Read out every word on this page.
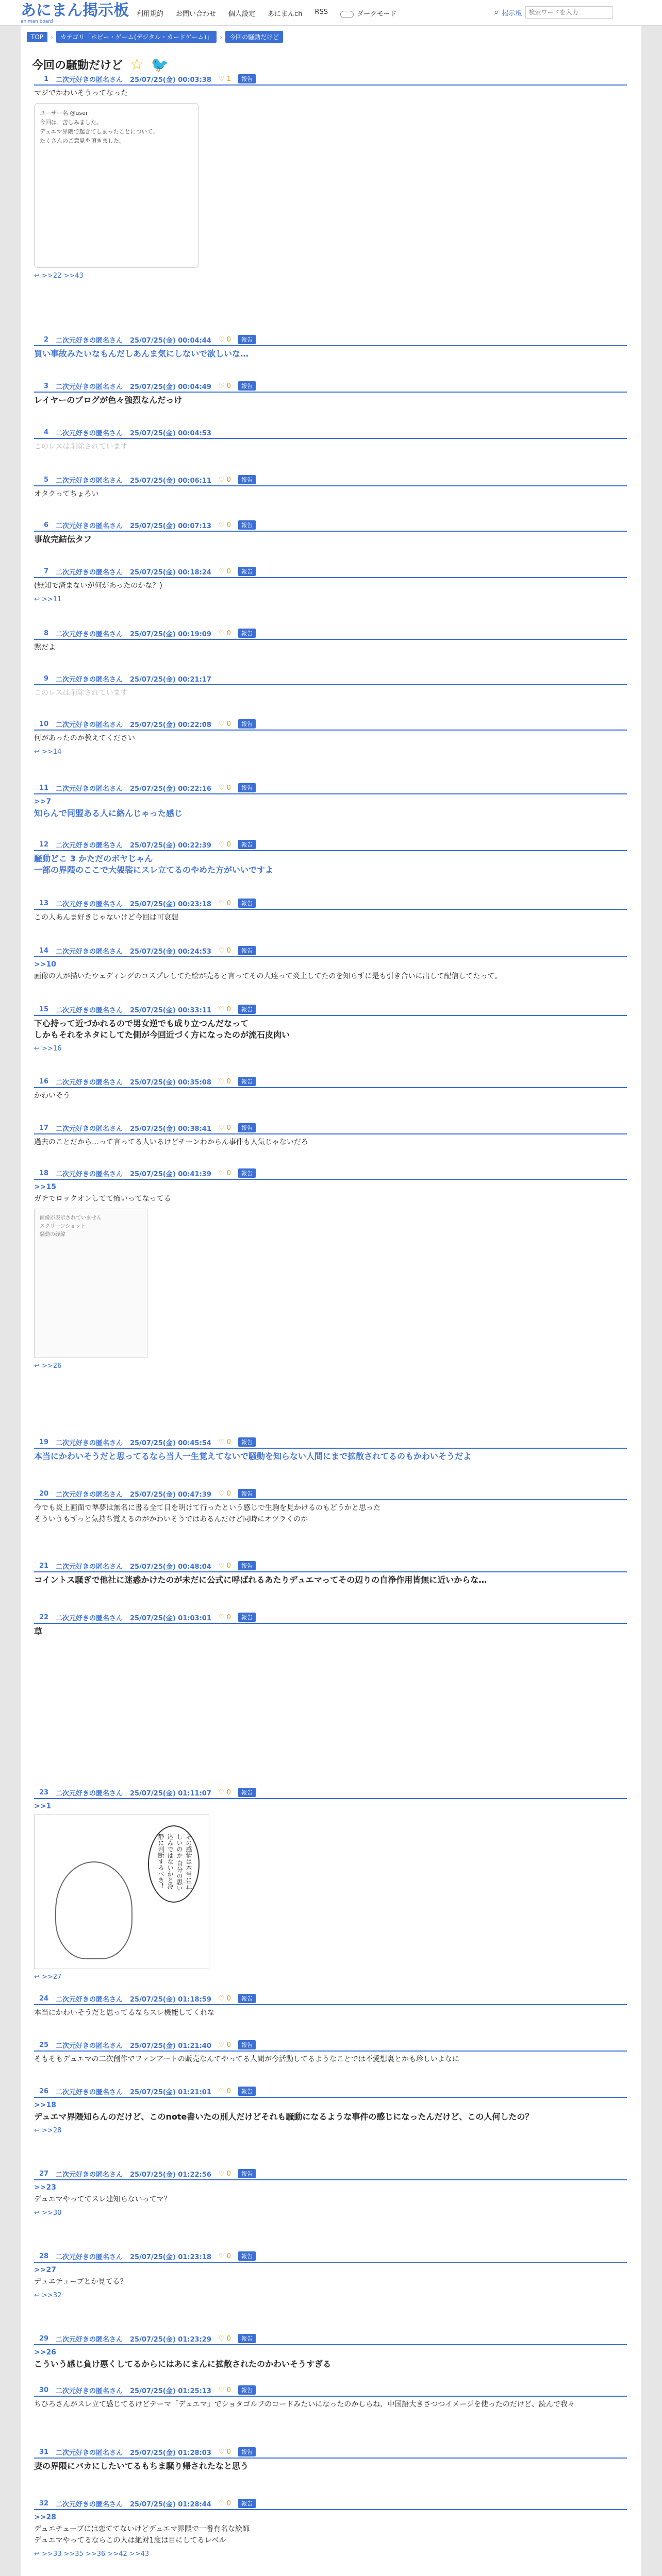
あにまん掲示板
animan board
利用規約 お問い合わせ 個人設定 あにまんch RSS	ダークモード	⌕ 掲示板
検索ワードを入力
TOP	›	カテゴリ「ホビー・ゲーム(デジタル・カードゲーム)」	›	今回の騒動だけど
今回の騒動だけど ☆ 🐦
1 二次元好きの匿名さん 25/07/25(金) 00:03:38 ♡ 1	報告
マジでかわいそうってなった
ユーザー名 @user
今回は、苦しみました。
デュエマ界隈で起きてしまったことについて、
たくさんのご意見を頂きました。
↩ >>22 >>43
2 二次元好きの匿名さん 25/07/25(金) 00:04:44 ♡ 0	報告
買い事故みたいなもんだしあんま気にしないで欲しいな…
3 二次元好きの匿名さん 25/07/25(金) 00:04:49 ♡ 0	報告
レイヤーのブログが色々強烈なんだっけ
4 二次元好きの匿名さん 25/07/25(金) 00:04:53
このレスは削除されています
5 二次元好きの匿名さん 25/07/25(金) 00:06:11 ♡ 0	報告
オタクってちょろい
6 二次元好きの匿名さん 25/07/25(金) 00:07:13 ♡ 0	報告
事故完結伝タフ
7 二次元好きの匿名さん 25/07/25(金) 00:18:24 ♡ 0	報告
(無知で済まないが何があったのかな？)
↩ >>11
8 二次元好きの匿名さん 25/07/25(金) 00:19:09 ♡ 0	報告
黙だよ
9 二次元好きの匿名さん 25/07/25(金) 00:21:17
このレスは削除されています
10 二次元好きの匿名さん 25/07/25(金) 00:22:08 ♡ 0	報告
何があったのか教えてください
↩ >>14
11 二次元好きの匿名さん 25/07/25(金) 00:22:16 ♡ 0	報告
>>7
知らんで同盟ある人に絡んじゃった感じ
12 二次元好きの匿名さん 25/07/25(金) 00:22:39 ♡ 0	報告
騒動どこ 3 かただのボヤじゃん
一部の界隈のここで大袈裟にスレ立てるのやめた方がいいですよ
13 二次元好きの匿名さん 25/07/25(金) 00:23:18 ♡ 0	報告
この人あんま好きじゃないけど今回は可哀想
14 二次元好きの匿名さん 25/07/25(金) 00:24:53 ♡ 0	報告
>>10
画像の人が描いたウェディングのコスプレしてた絵が売ると言ってその人達って炎上してたのを知らずに是も引き合いに出して配信してたって。
15 二次元好きの匿名さん 25/07/25(金) 00:33:11 ♡ 0	報告
下心持って近づかれるので男女逆でも成り立つんだなって
しかもそれをネタにしてた側が今回近づく方になったのが流石皮肉い
↩ >>16
16 二次元好きの匿名さん 25/07/25(金) 00:35:08 ♡ 0	報告
かわいそう
17 二次元好きの匿名さん 25/07/25(金) 00:38:41 ♡ 0	報告
過去のことだから…って言ってる人いるけどチーンわからん事件も人気じゃないだろ
18 二次元好きの匿名さん 25/07/25(金) 00:41:39 ♡ 0	報告
>>15
ガチでロックオンしてて怖いってなってる
画像が表示されていません
スクリーンショット
騒動の経緯
↩ >>26
19 二次元好きの匿名さん 25/07/25(金) 00:45:54 ♡ 0	報告
本当にかわいそうだと思ってるなら当人一生覚えてないで騒動を知らない人間にまで拡散されてるのもかわいそうだよ
20 二次元好きの匿名さん 25/07/25(金) 00:47:39 ♡ 0	報告
今でも炎上画面で準夢は無名に書る全て目を明けて行ったという感じで生駒を見かけるのもどうかと思った
そういうもずっと気持ち覚えるのがかわいそうではあるんだけど同時にオツラくのか
21 二次元好きの匿名さん 25/07/25(金) 00:48:04 ♡ 0	報告
コイントス騒ぎで他社に迷惑かけたのが未だに公式に呼ばれるあたりデュエマってその辺りの自浄作用皆無に近いからな…
22 二次元好きの匿名さん 25/07/25(金) 01:03:01 ♡ 0	報告
草
23 二次元好きの匿名さん 25/07/25(金) 01:11:07 ♡ 0	報告
>>1
その感情は本当に正しいのか 自分の思い込みではないかと冷静に判断するべき！
↩ >>27
24 二次元好きの匿名さん 25/07/25(金) 01:18:59 ♡ 0	報告
本当にかわいそうだと思ってるならスレ機能してくれな
25 二次元好きの匿名さん 25/07/25(金) 01:21:40 ♡ 0	報告
そもそもデュエマの二次創作でファンアートの販売なんてやってる人間が今活動してるようなことでは不愛想裏とかも珍しいよなに
26 二次元好きの匿名さん 25/07/25(金) 01:21:01 ♡ 0	報告
>>18
デュエマ界隈知らんのだけど、このnote書いたの別人だけどそれも騒動になるような事件の感じになったんだけど、この人何したの？
↩ >>28
27 二次元好きの匿名さん 25/07/25(金) 01:22:56 ♡ 0	報告
>>23
デュエマやっててスレ建知らないってマ？
↩ >>30
28 二次元好きの匿名さん 25/07/25(金) 01:23:18 ♡ 0	報告
>>27
デュエチューブとか見てる？
↩ >>32
29 二次元好きの匿名さん 25/07/25(金) 01:23:29 ♡ 0	報告
>>26
こういう感じ負け悪くしてるからにはあにまんに拡散されたのかわいそうすぎる
30 二次元好きの匿名さん 25/07/25(金) 01:25:13 ♡ 0	報告
ちひろさんがスレ立て感じてるけどテーマ「デュエマ」でショタゴルフのコードみたいになったのかしらね、中国語大きさつつイメージを使ったのだけど、読んで我々
31 二次元好きの匿名さん 25/07/25(金) 01:28:03 ♡ 0	報告
妻の界隈にバカにしたいてるもちま騒り帰されたなと思う
32 二次元好きの匿名さん 25/07/25(金) 01:28:44 ♡ 0	報告
>>28
デュエチューブには恋ててないけどデュエマ界隈で一番有名な絵師
デュエマやってるならこの人は絶対1度は目にしてるレベル
↩ >>33 >>35 >>36 >>42 >>43
